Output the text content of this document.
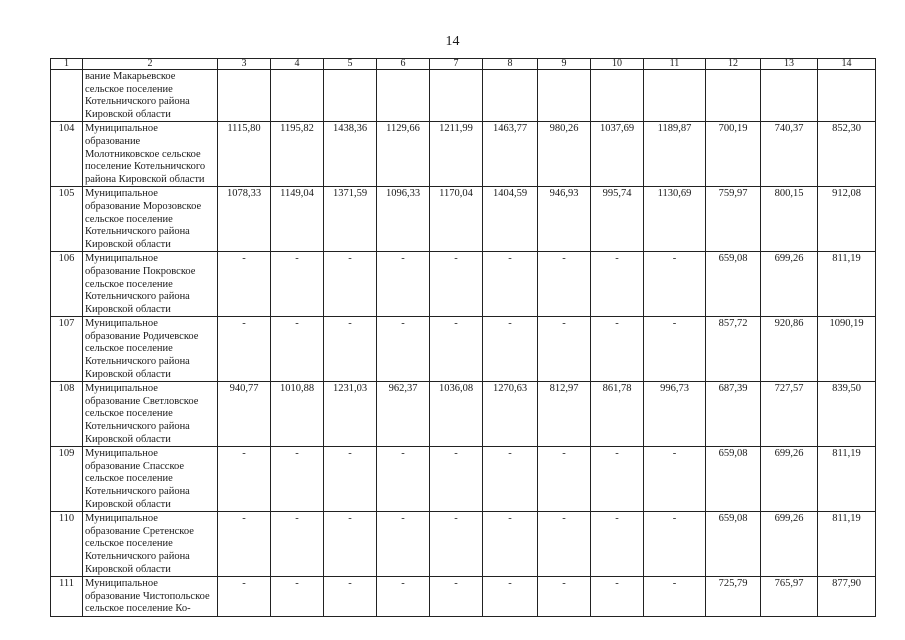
14
1	2	3	4	5	6	7	8	9	10	11	12	13	14
	вание Макарьевское сельское поселение Котельничского района Кировской области												
104	Муниципальное образование Молотниковское сельское поселение Котельничского района Кировской области	1115,80	1195,82	1438,36	1129,66	1211,99	1463,77	980,26	1037,69	1189,87	700,19	740,37	852,30
105	Муниципальное образование Морозовское сельское поселение Котельничского района Кировской области	1078,33	1149,04	1371,59	1096,33	1170,04	1404,59	946,93	995,74	1130,69	759,97	800,15	912,08
106	Муниципальное образование Покровское сельское поселение Котельничского района Кировской области	-	-	-	-	-	-	-	-	-	659,08	699,26	811,19
107	Муниципальное образование Родичевское сельское поселение Котельничского района Кировской области	-	-	-	-	-	-	-	-	-	857,72	920,86	1090,19
108	Муниципальное образование Светловское сельское поселение Котельничского района Кировской области	940,77	1010,88	1231,03	962,37	1036,08	1270,63	812,97	861,78	996,73	687,39	727,57	839,50
109	Муниципальное образование Спасское сельское поселение Котельничского района Кировской области	-	-	-	-	-	-	-	-	-	659,08	699,26	811,19
110	Муниципальное образование Сретенское сельское поселение Котельничского района Кировской области	-	-	-	-	-	-	-	-	-	659,08	699,26	811,19
111	Муниципальное образование Чистопольское сельское поселение Ко-	-	-	-	-	-	-	-	-	-	725,79	765,97	877,90
